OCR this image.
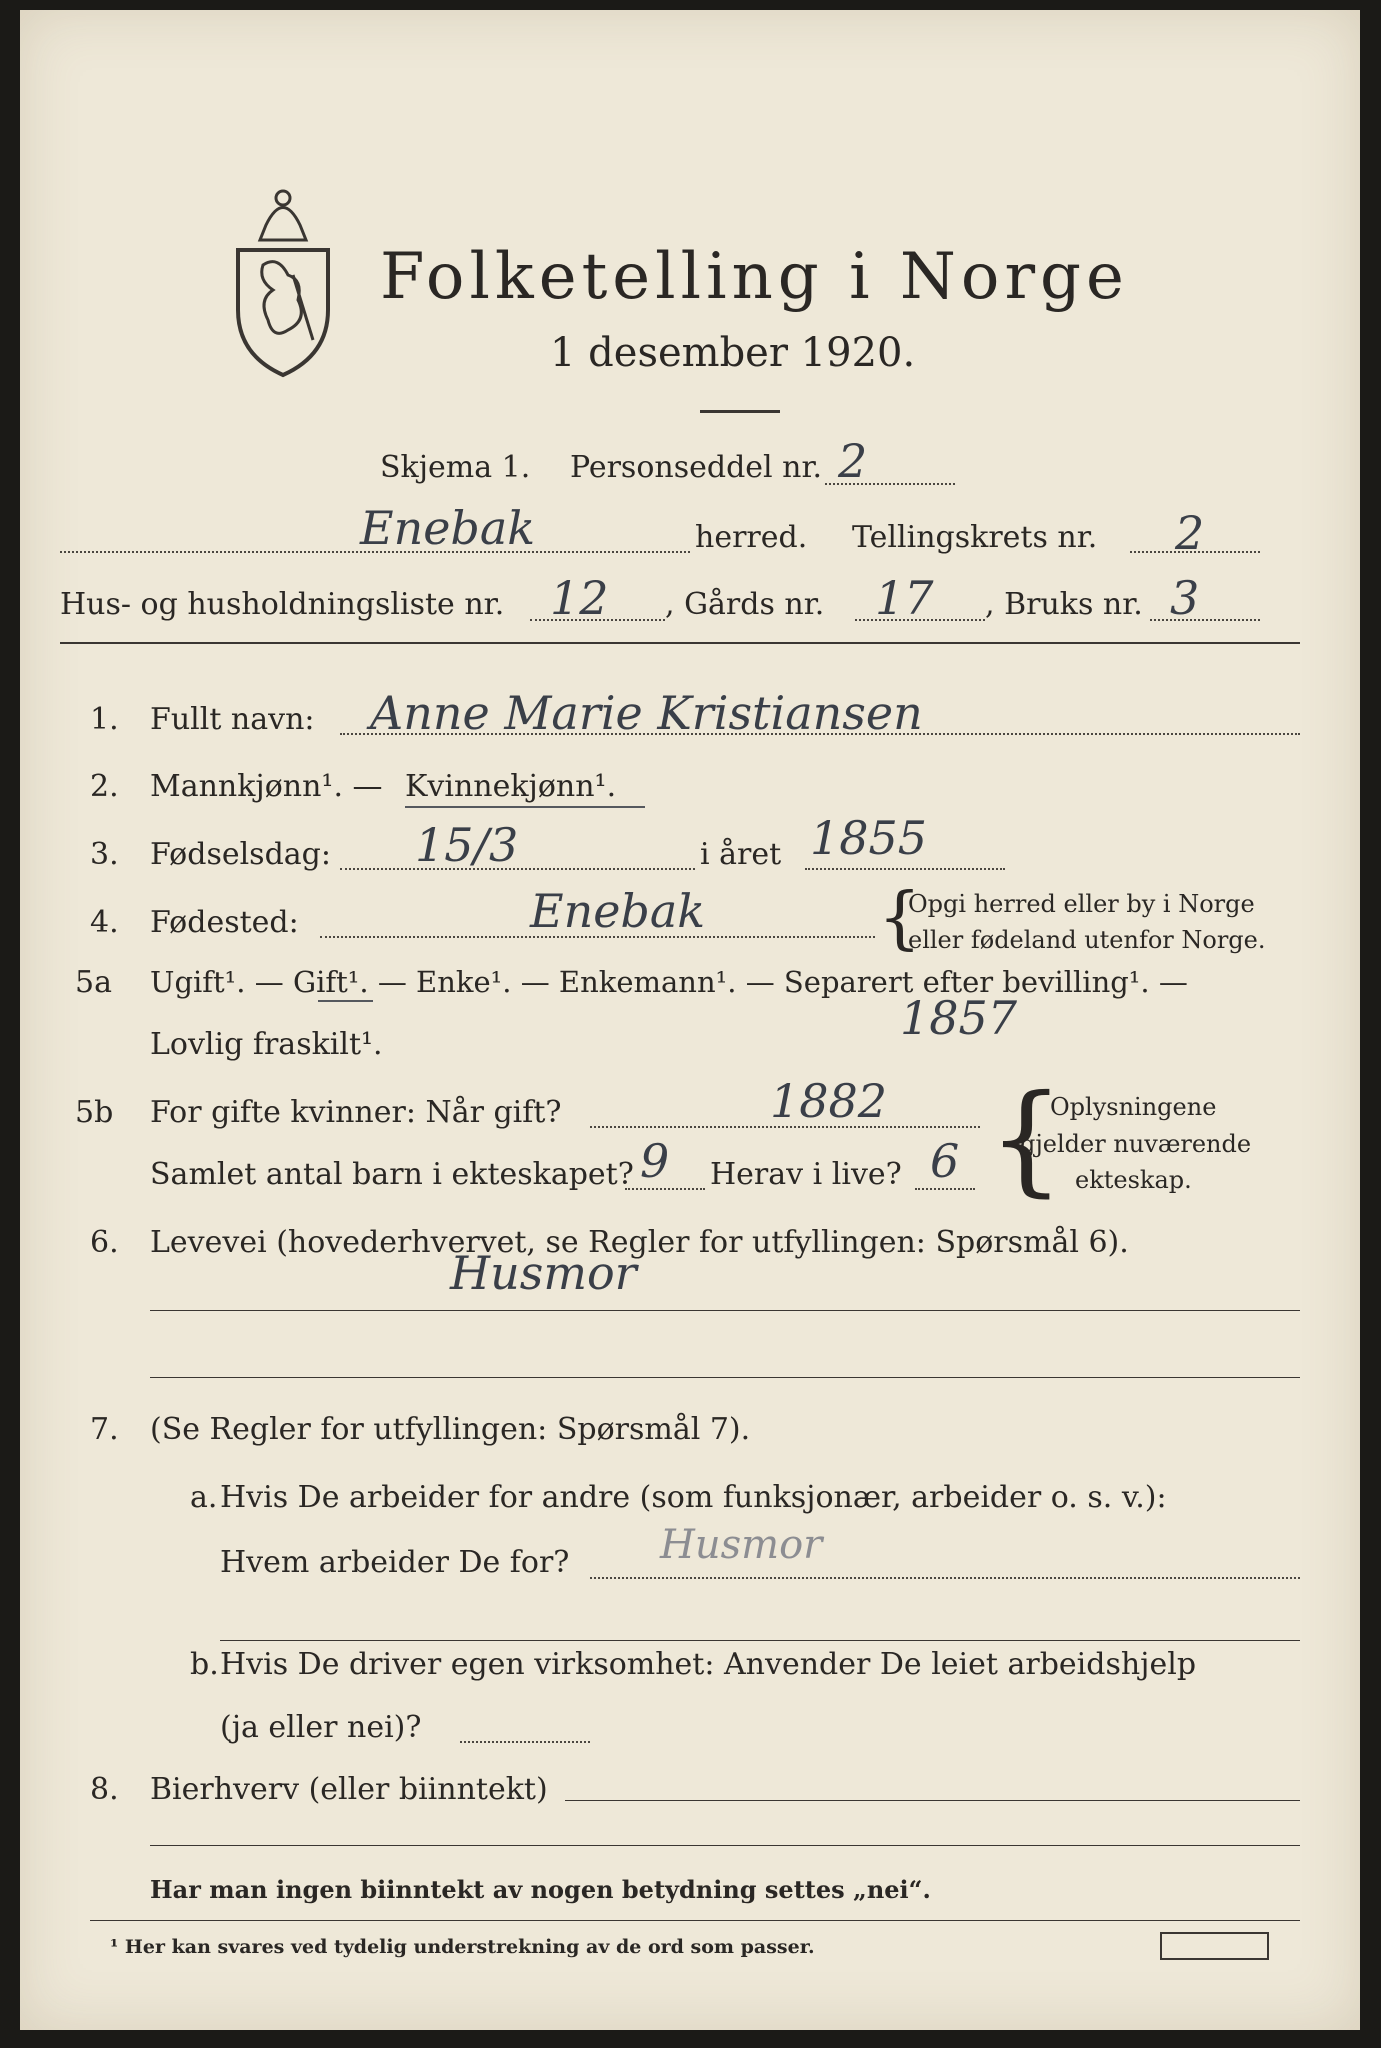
Folketelling i Norge
1 desember 1920.
Skjema 1. Personseddel nr. 2
Enebak	herred. Tellingskrets nr. 2
Hus- og husholdningsliste nr. 12 , Gårds nr. 17 , Bruks nr. 3
1. Fullt navn: Anne Marie Kristiansen
2. Mannkjønn¹. — Kvinnekjønn¹.
3. Fødselsdag: 15/3	i året 1855
4. Fødested:	Enebak	{
Opgi herred eller by i Norge
eller fødeland utenfor Norge.
5a Ugift¹. — Gift¹. — Enke¹. — Enkemann¹. — Separert efter bevilling¹. —
Lovlig fraskilt¹.	1857
5b For gifte kvinner: Når gift?	1882
Samlet antal barn i ekteskapet? 9 Herav i live? 6 {
Oplysningene
gjelder nuværende
ekteskap.
6. Levevei (hovederhvervet, se Regler for utfyllingen: Spørsmål 6).
Husmor
7. (Se Regler for utfyllingen: Spørsmål 7).
a. Hvis De arbeider for andre (som funksjonær, arbeider o. s. v.):
Hvem arbeider De for? Husmor
b. Hvis De driver egen virksomhet: Anvender De leiet arbeidshjelp
(ja eller nei)?
8. Bierhverv (eller biinntekt)
Har man ingen biinntekt av nogen betydning settes „nei“.
¹ Her kan svares ved tydelig understrekning av de ord som passer.
